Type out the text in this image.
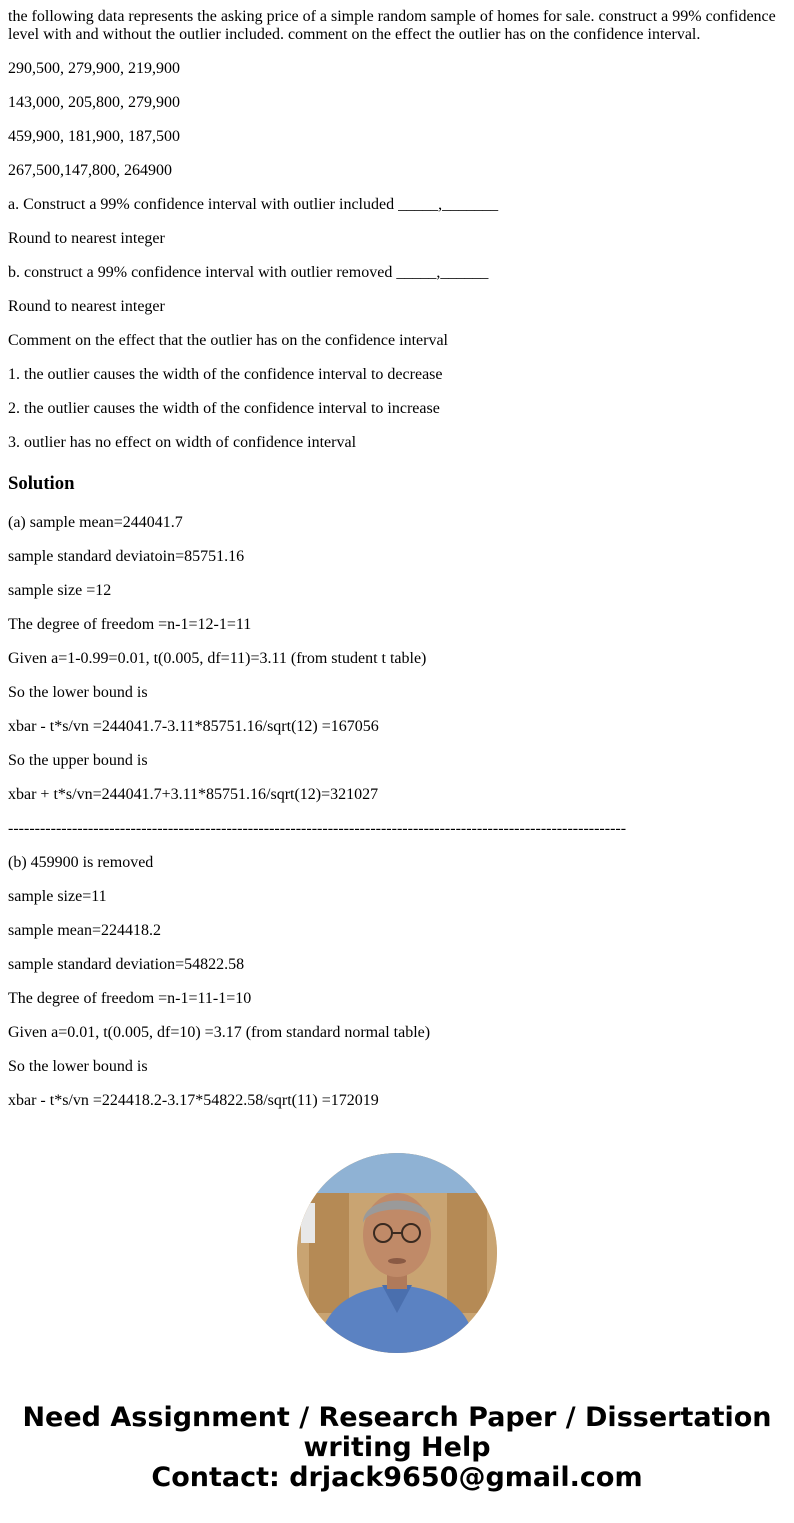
the following data represents the asking price of a simple random sample of homes for sale. construct a 99% confidence level with and without the outlier included. comment on the effect the outlier has on the confidence interval.

290,500, 279,900, 219,900

143,000, 205,800, 279,900

459,900, 181,900, 187,500

267,500,147,800, 264900

a. Construct a 99% confidence interval with outlier included _____,_______

Round to nearest integer

b. construct a 99% confidence interval with outlier removed _____,______

Round to nearest integer

Comment on the effect that the outlier has on the confidence interval

1. the outlier causes the width of the confidence interval to decrease

2. the outlier causes the width of the confidence interval to increase

3. outlier has no effect on width of confidence interval

Solution

(a) sample mean=244041.7

sample standard deviatoin=85751.16

sample size =12

The degree of freedom =n-1=12-1=11

Given a=1-0.99=0.01, t(0.005, df=11)=3.11 (from student t table)

So the lower bound is

xbar - t*s/vn =244041.7-3.11*85751.16/sqrt(12) =167056

So the upper bound is

xbar + t*s/vn=244041.7+3.11*85751.16/sqrt(12)=321027

--------------------------------------------------------------------------------------------------------------------

(b) 459900 is removed

sample size=11

sample mean=224418.2

sample standard deviation=54822.58

The degree of freedom =n-1=11-1=10

Given a=0.01, t(0.005, df=10) =3.17 (from standard normal table)

So the lower bound is

xbar - t*s/vn =224418.2-3.17*54822.58/sqrt(11) =172019

Need Assignment / Research Paper / Dissertation
writing Help
Contact: drjack9650@gmail.com
